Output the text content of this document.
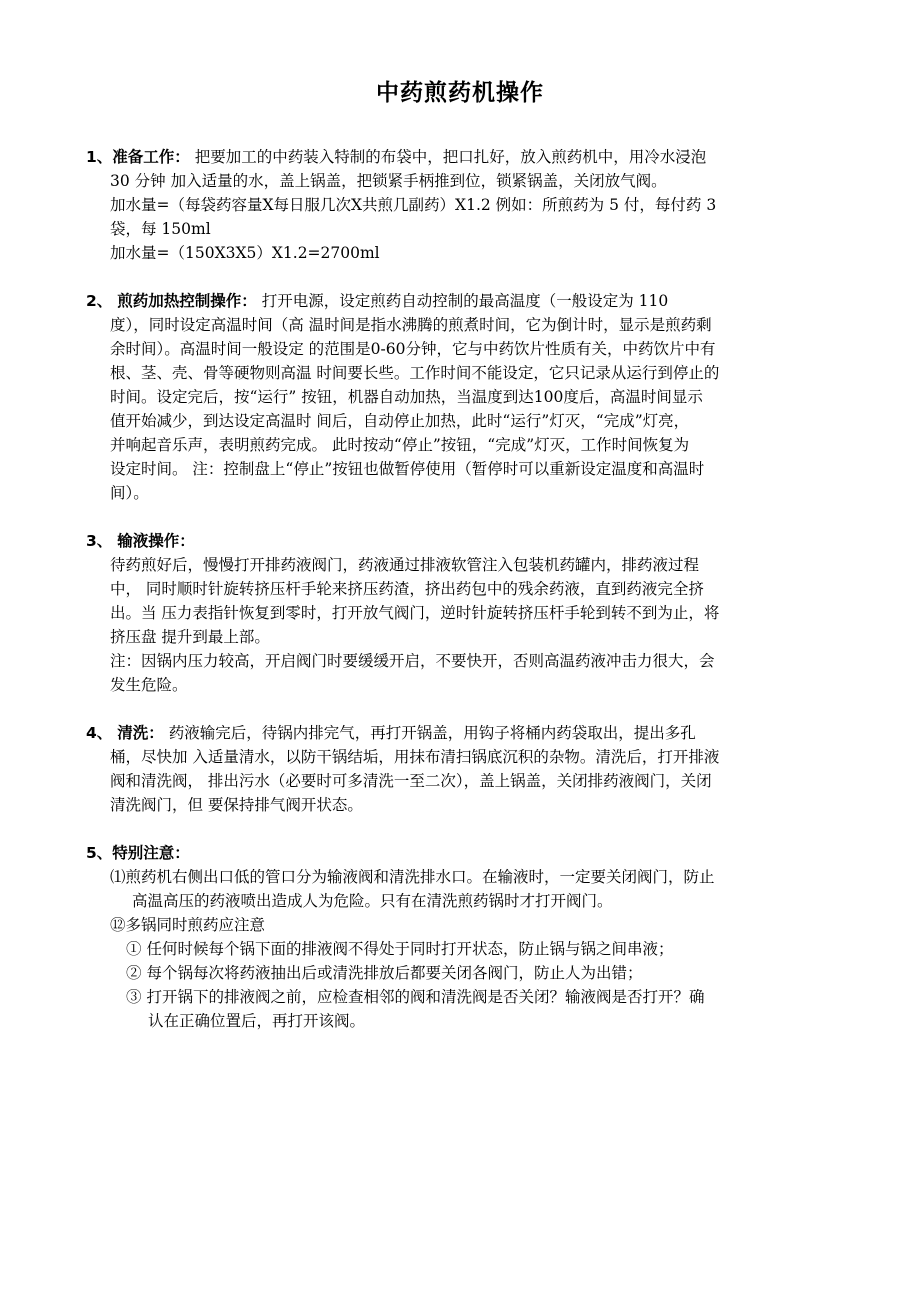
中药煎药机操作
1、准备工作： 把要加工的中药装入特制的布袋中，把口扎好，放入煎药机中，用冷水浸泡

30 分钟 加入适量的水，盖上锅盖，把锁紧手柄推到位，锁紧锅盖，关闭放气阀。

加水量=（每袋药容量X每日服几次X共煎几副药）X1.2 例如：所煎药为 5 付，每付药 3

袋，每 150ml

加水量=（150X3X5）X1.2=2700ml

2、 煎药加热控制操作： 打开电源，设定煎药自动控制的最高温度（一般设定为 110

度），同时设定高温时间（高 温时间是指水沸腾的煎煮时间，它为倒计时，显示是煎药剩

余时间）。高温时间一般设定 的范围是0-60分钟，它与中药饮片性质有关，中药饮片中有

根、茎、壳、骨等硬物则高温 时间要长些。工作时间不能设定，它只记录从运行到停止的

时间。设定完后，按“运行” 按钮，机器自动加热，当温度到达100度后，高温时间显示

值开始减少，到达设定高温时 间后，自动停止加热，此时“运行”灯灭，“完成”灯亮，

并响起音乐声，表明煎药完成。 此时按动“停止”按钮，“完成”灯灭，工作时间恢复为

设定时间。 注：控制盘上“停止”按钮也做暂停使用（暂停时可以重新设定温度和高温时

间）。

3、 输液操作：

待药煎好后，慢慢打开排药液阀门，药液通过排液软管注入包装机药罐内，排药液过程

中， 同时顺时针旋转挤压杆手轮来挤压药渣，挤出药包中的残余药液，直到药液完全挤

出。当 压力表指针恢复到零时，打开放气阀门，逆时针旋转挤压杆手轮到转不到为止，将

挤压盘 提升到最上部。

注：因锅内压力较高，开启阀门时要缓缓开启，不要快开，否则高温药液冲击力很大，会

发生危险。

4、 清洗： 药液输完后，待锅内排完气，再打开锅盖，用钩子将桶内药袋取出，提出多孔

桶，尽快加 入适量清水，以防干锅结垢，用抹布清扫锅底沉积的杂物。清洗后，打开排液

阀和清洗阀， 排出污水（必要时可多清洗一至二次），盖上锅盖，关闭排药液阀门，关闭

清洗阀门，但 要保持排气阀开状态。

5、特别注意：

⑴煎药机右侧出口低的管口分为输液阀和清洗排水口。在输液时，一定要关闭阀门，防止

高温高压的药液喷出造成人为危险。只有在清洗煎药锅时才打开阀门。

⑫多锅同时煎药应注意

① 任何时候每个锅下面的排液阀不得处于同时打开状态，防止锅与锅之间串液；

② 每个锅每次将药液抽出后或清洗排放后都要关闭各阀门，防止人为出错；

③ 打开锅下的排液阀之前，应检查相邻的阀和清洗阀是否关闭？输液阀是否打开？确

认在正确位置后，再打开该阀。
